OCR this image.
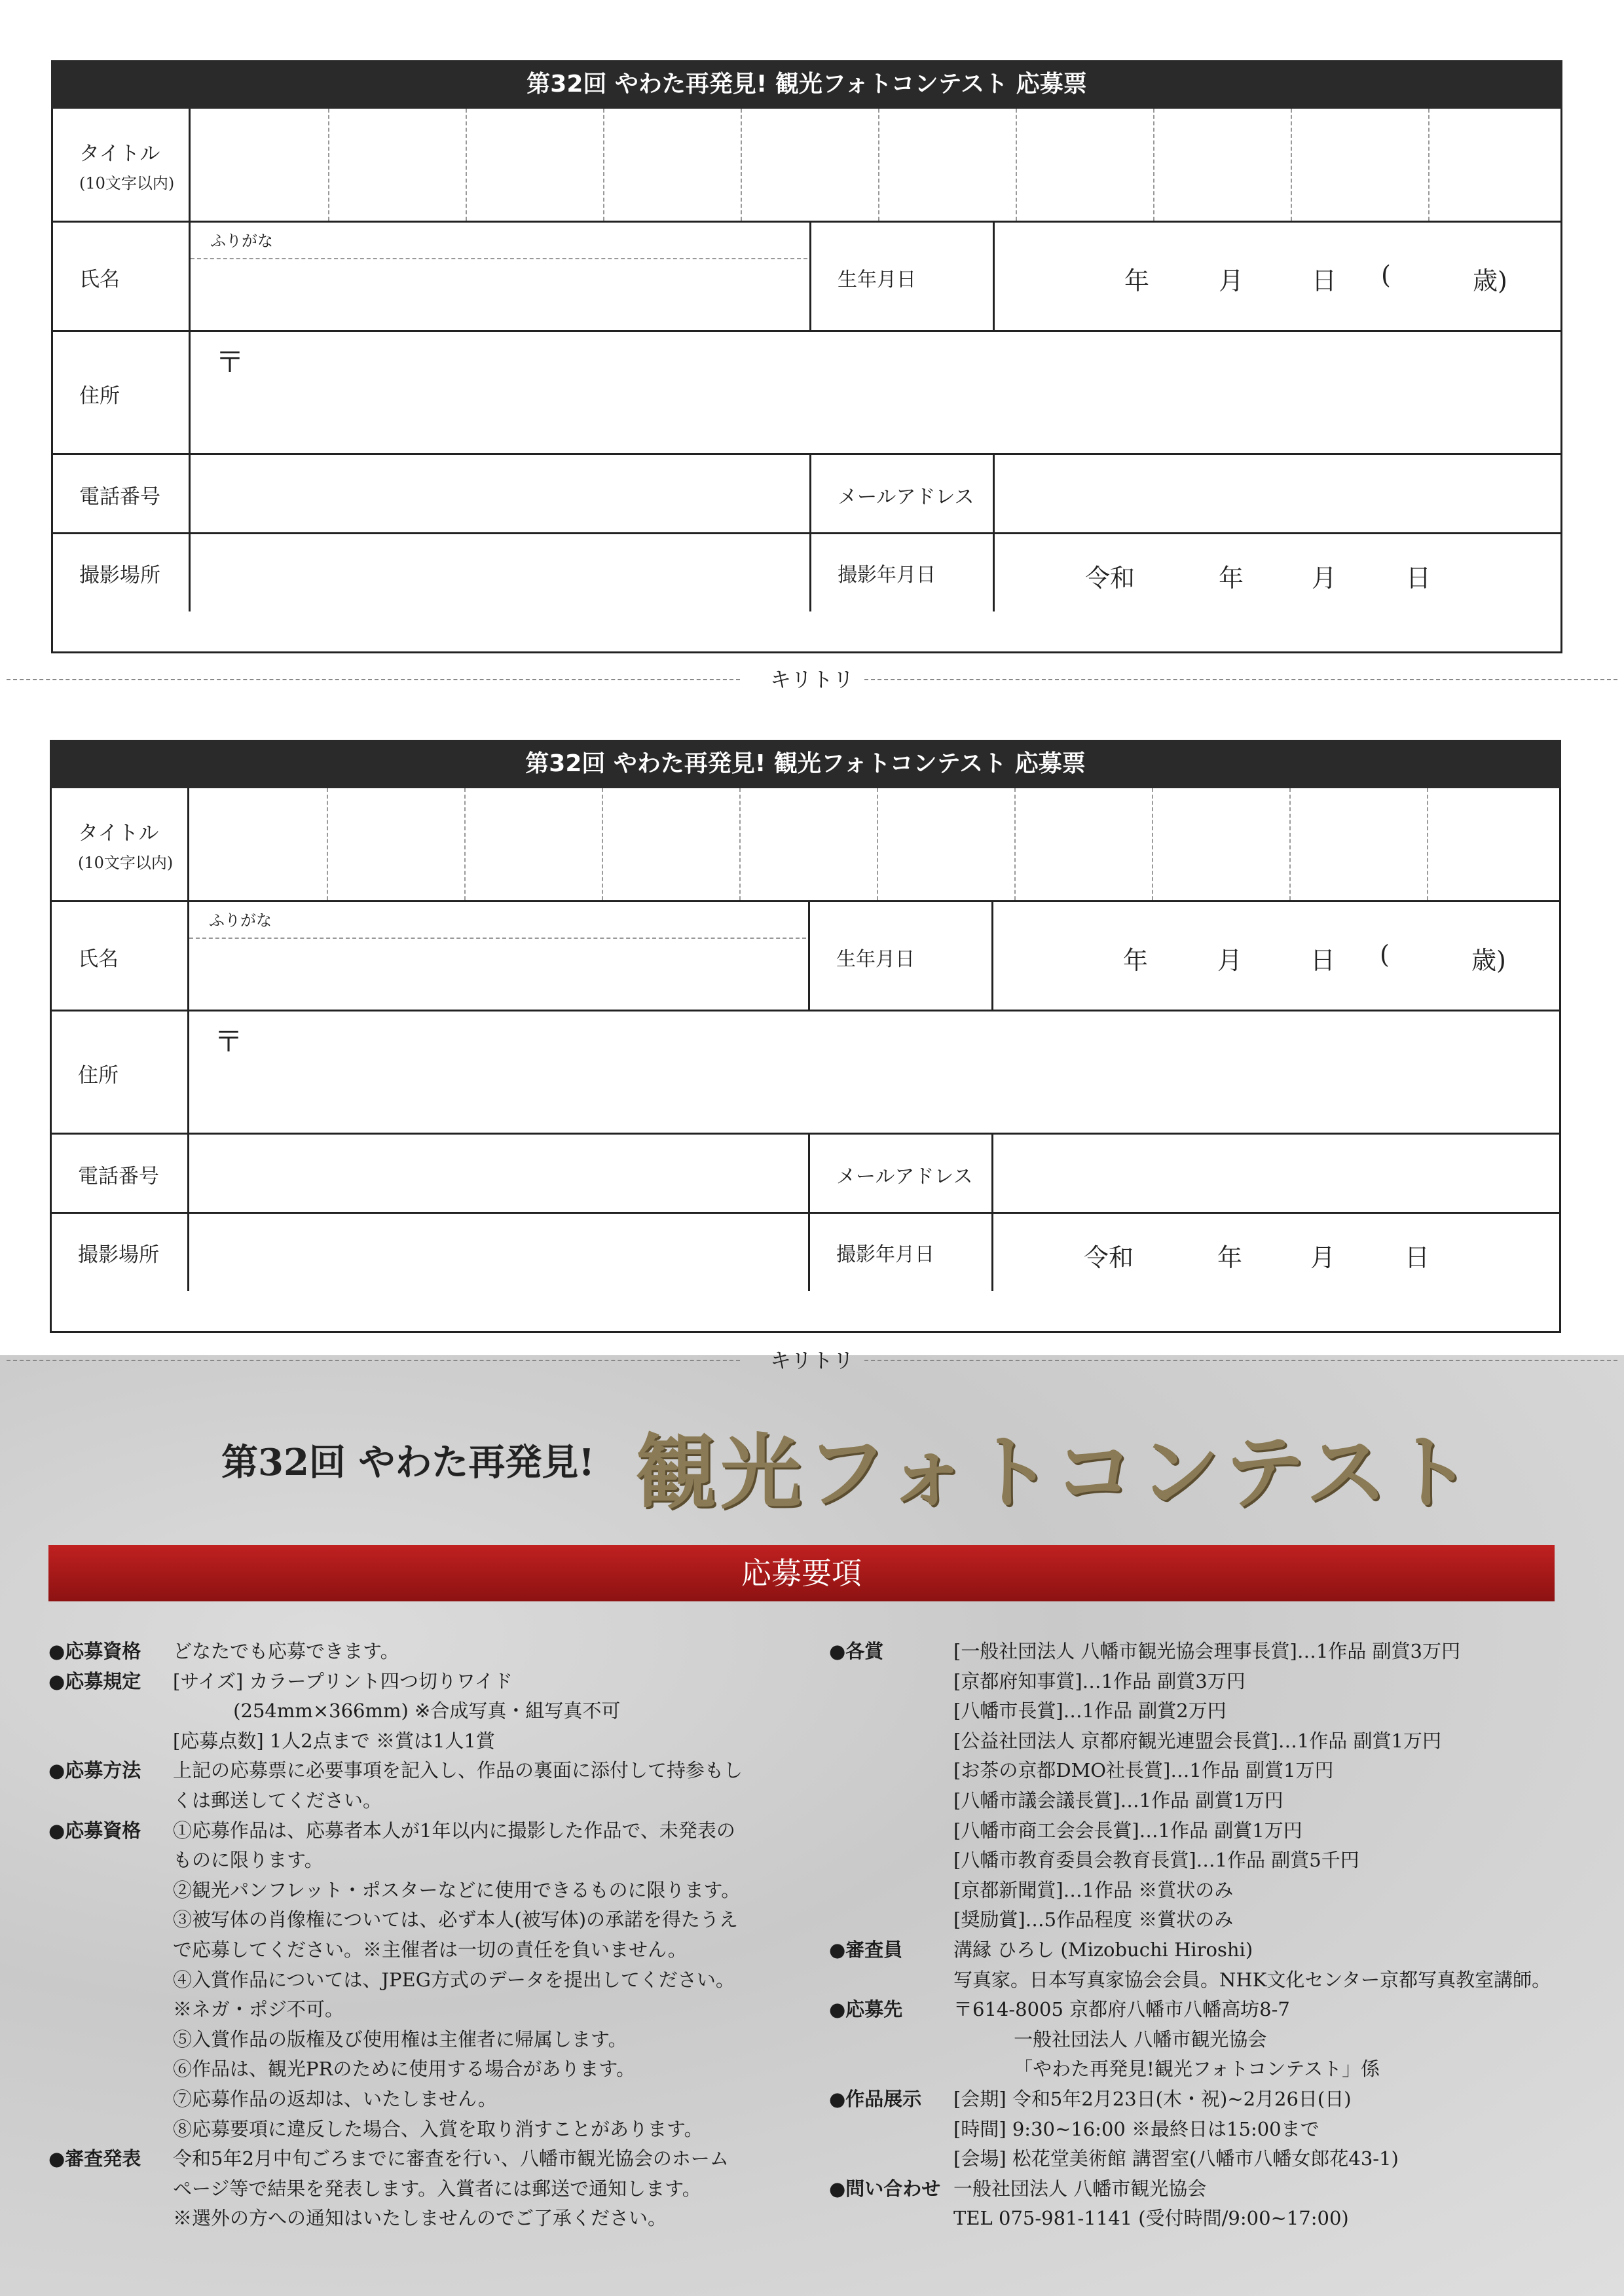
第32回 やわた再発見! 観光フォトコンテスト 応募票
タイトル
(10文字以内)
氏名
ふりがな
生年月日	年	月	日 (	歳)
住所
〒
電話番号	メールアドレス
撮影場所	撮影年月日	令和	年	月	日
キリトリ
第32回 やわた再発見! 観光フォトコンテスト 応募票
タイトル
(10文字以内)
氏名
ふりがな
生年月日	年	月	日 (	歳)
住所
〒
電話番号	メールアドレス
撮影場所	撮影年月日	令和	年	月	日
キリトリ
第32回 やわた再発見! 観光フォトコンテスト
応募要項
●応募資格 どなたでも応募できます。
●応募規定 [サイズ] カラープリント四つ切りワイド
(254mm×366mm) ※合成写真・組写真不可
[応募点数] 1人2点まで ※賞は1人1賞
●応募方法 上記の応募票に必要事項を記入し、作品の裏面に添付して持参もし
くは郵送してください。
●応募資格 ①応募作品は、応募者本人が1年以内に撮影した作品で、未発表の
ものに限ります。
②観光パンフレット・ポスターなどに使用できるものに限ります。
③被写体の肖像権については、必ず本人(被写体)の承諾を得たうえ
で応募してください。※主催者は一切の責任を負いません。
④入賞作品については、JPEG方式のデータを提出してください。
※ネガ・ポジ不可。
⑤入賞作品の版権及び使用権は主催者に帰属します。
⑥作品は、観光PRのために使用する場合があります。
⑦応募作品の返却は、いたしません。
⑧応募要項に違反した場合、入賞を取り消すことがあります。
●審査発表 令和5年2月中旬ごろまでに審査を行い、八幡市観光協会のホーム
ページ等で結果を発表します。入賞者には郵送で通知します。
※選外の方への通知はいたしませんのでご了承ください。
●各賞	[一般社団法人 八幡市観光協会理事長賞]…1作品 副賞3万円
[京都府知事賞]…1作品 副賞3万円
[八幡市長賞]…1作品 副賞2万円
[公益社団法人 京都府観光連盟会長賞]…1作品 副賞1万円
[お茶の京都DMO社長賞]…1作品 副賞1万円
[八幡市議会議長賞]…1作品 副賞1万円
[八幡市商工会会長賞]…1作品 副賞1万円
[八幡市教育委員会教育長賞]…1作品 副賞5千円
[京都新聞賞]…1作品 ※賞状のみ
[奨励賞]…5作品程度 ※賞状のみ
●審査員	溝縁 ひろし (Mizobuchi Hiroshi)
写真家。日本写真家協会会員。NHK文化センター京都写真教室講師。
●応募先	〒614-8005 京都府八幡市八幡高坊8-7
一般社団法人 八幡市観光協会
「やわた再発見!観光フォトコンテスト」係
●作品展示 [会期] 令和5年2月23日(木・祝)~2月26日(日)
[時間] 9:30~16:00 ※最終日は15:00まで
[会場] 松花堂美術館 講習室(八幡市八幡女郎花43-1)
●問い合わせ 一般社団法人 八幡市観光協会
TEL 075-981-1141 (受付時間/9:00~17:00)
